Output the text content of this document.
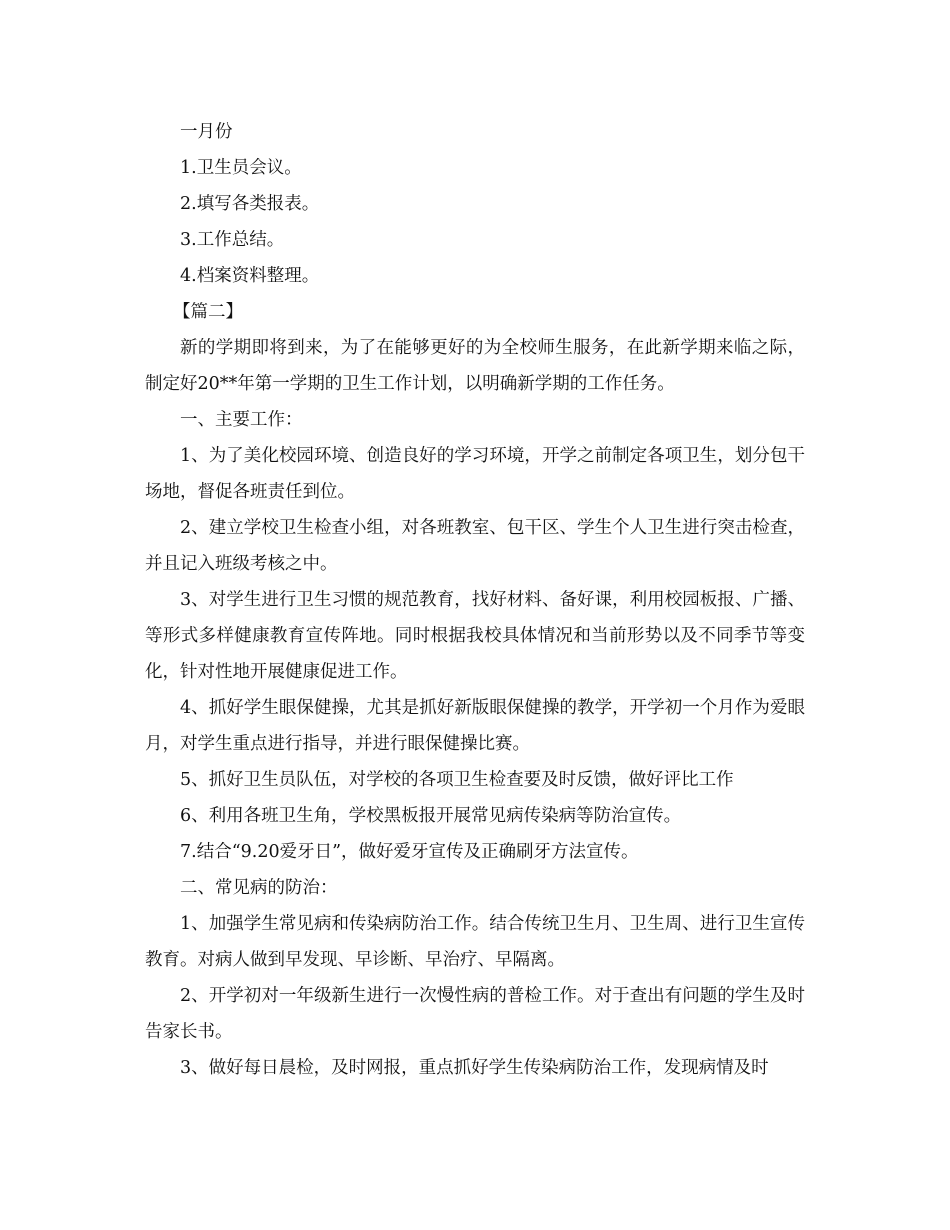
一月份

1.卫生员会议。

2.填写各类报表。

3.工作总结。

4.档案资料整理。

【篇二】

新的学期即将到来，为了在能够更好的为全校师生服务，在此新学期来临之际，制定好20**年第一学期的卫生工作计划，以明确新学期的工作任务。

一、主要工作：

1、为了美化校园环境、创造良好的学习环境，开学之前制定各项卫生，划分包干场地，督促各班责任到位。

2、建立学校卫生检查小组，对各班教室、包干区、学生个人卫生进行突击检查，并且记入班级考核之中。

3、对学生进行卫生习惯的规范教育，找好材料、备好课，利用校园板报、广播、等形式多样健康教育宣传阵地。同时根据我校具体情况和当前形势以及不同季节等变化，针对性地开展健康促进工作。

4、抓好学生眼保健操，尤其是抓好新版眼保健操的教学，开学初一个月作为爱眼月，对学生重点进行指导，并进行眼保健操比赛。

5、抓好卫生员队伍，对学校的各项卫生检查要及时反馈，做好评比工作

6、利用各班卫生角，学校黑板报开展常见病传染病等防治宣传。

7.结合“9.20爱牙日”，做好爱牙宣传及正确刷牙方法宣传。

二、常见病的防治：

1、加强学生常见病和传染病防治工作。结合传统卫生月、卫生周、进行卫生宣传教育。对病人做到早发现、早诊断、早治疗、早隔离。

2、开学初对一年级新生进行一次慢性病的普检工作。对于查出有问题的学生及时告家长书。

3、做好每日晨检，及时网报，重点抓好学生传染病防治工作，发现病情及时
